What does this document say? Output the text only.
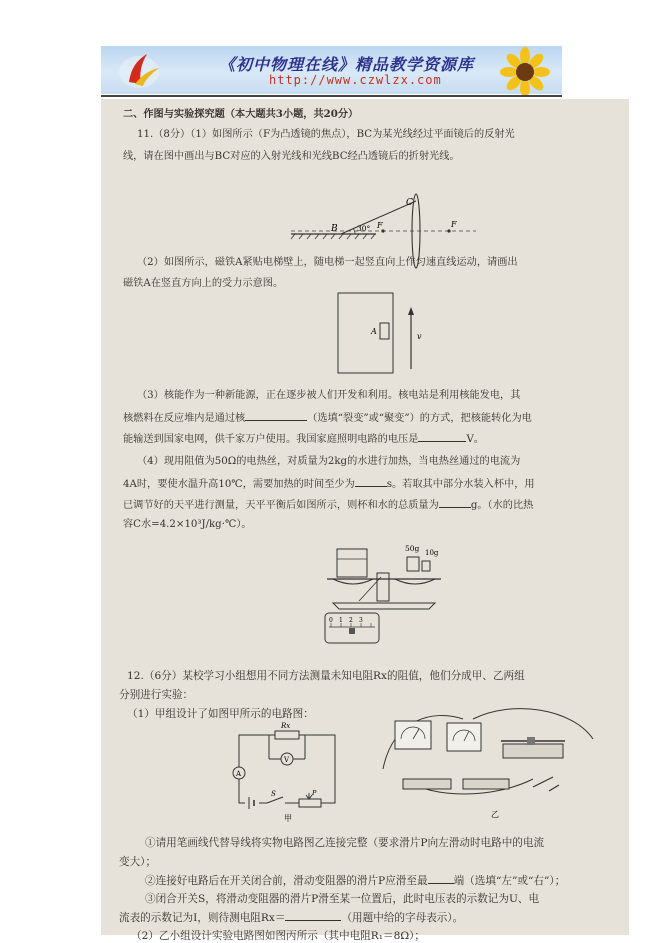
《初中物理在线》精品教学资源库
http://www.czwlzx.com
二、作图与实验探究题（本大题共3小题，共20分）
11.（8分）（1）如图所示（F为凸透镜的焦点），BC为某光线经过平面镜后的反射光
线，请在图中画出与BC对应的入射光线和光线BC经凸透镜后的折射光线。
C
B	F	F
30°
（2）如图所示，磁铁A紧贴电梯壁上，随电梯一起竖直向上作匀速直线运动，请画出
磁铁A在竖直方向上的受力示意图。
A
v
（3）核能作为一种新能源，正在逐步被人们开发和利用。核电站是利用核能发电，其
核燃料在反应堆内是通过核	（选填“裂变”或“聚变”）的方式，把核能转化为电
能输送到国家电网，供千家万户使用。我国家庭照明电路的电压是	V。
（4）现用阻值为50Ω的电热丝，对质量为2kg的水进行加热，当电热丝通过的电流为
4A时，要使水温升高10℃，需要加热的时间至少为	s。若取其中部分水装入杯中，用
已调节好的天平进行测量，天平平衡后如图所示，则杯和水的总质量为	g。（水的比热
容C水=4.2×10³J/kg·℃）。
50g 10g
0 1 2 3
12.（6分）某校学习小组想用不同方法测量未知电阻Rx的阻值，他们分成甲、乙两组
分别进行实验：
（1）甲组设计了如图甲所示的电路图：
Rx
V
A
S	P
甲	乙
①请用笔画线代替导线将实物电路图乙连接完整（要求滑片P向左滑动时电路中的电流
变大）；
②连接好电路后在开关闭合前，滑动变阻器的滑片P应滑至最 端（选填“左”或“右”）；
③闭合开关S，将滑动变阻器的滑片P滑至某一位置后，此时电压表的示数记为U、电
流表的示数记为I，则待测电阻Rx＝	（用题中给的字母表示）。
（2）乙小组设计实验电路图如图丙所示（其中电阻R₁＝8Ω）；
